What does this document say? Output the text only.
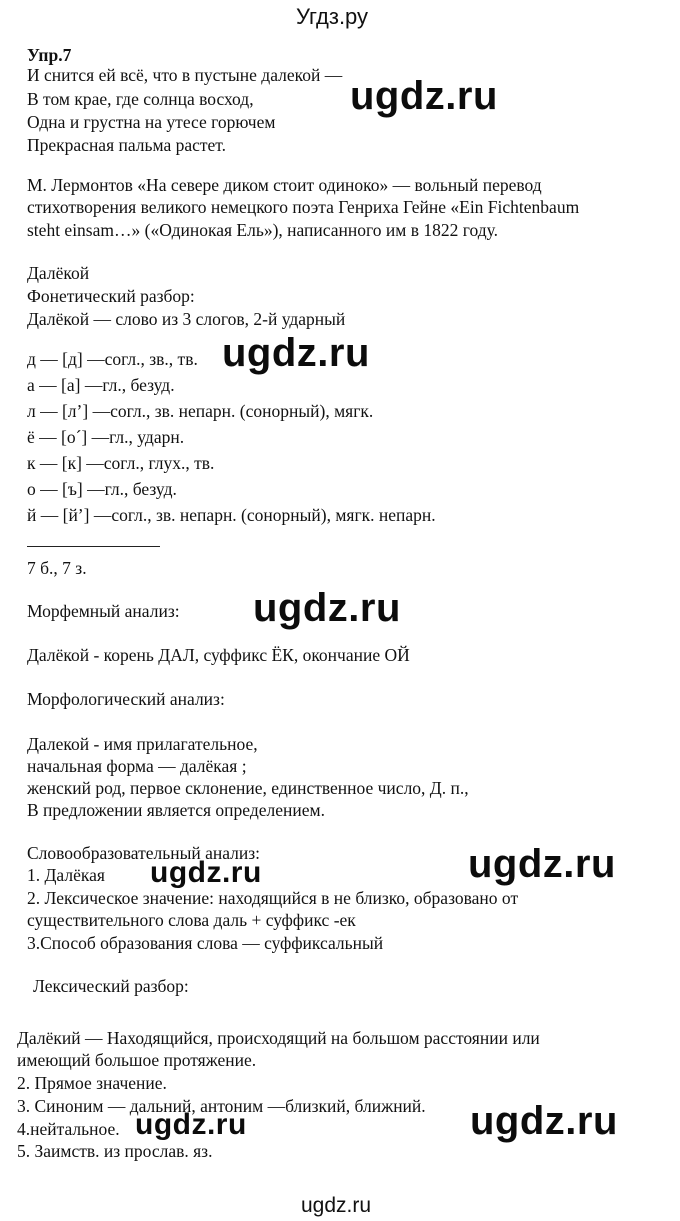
Угдз.ру
Упр.7
И снится ей всё, что в пустыне далекой —
В том крае, где солнца восход,
Одна и грустна на утесе горючем
Прекрасная пальма растет.
М. Лермонтов «На севере диком стоит одиноко» — вольный перевод
стихотворения великого немецкого поэта Генриха Гейне «Ein Fichtenbaum
steht einsam…» («Одинокая Ель»), написанного им в 1822 году.
Далёкой
Фонетический разбор:
Далёкой — слово из 3 слогов, 2-й ударный
д — [д] —согл., зв., тв.
а — [а] —гл., безуд.
л — [л’] —согл., зв. непарн. (сонорный), мягк.
ё — [о´] —гл., ударн.
к — [к] —согл., глух., тв.
о — [ъ] —гл., безуд.
й — [й’] —согл., зв. непарн. (сонорный), мягк. непарн.
7 б., 7 з.
Морфемный анализ:
Далёкой - корень ДАЛ, суффикс ЁК, окончание ОЙ
Морфологический анализ:
Далекой - имя прилагательное,
начальная форма — далёкая ;
женский род, первое склонение, единственное число, Д. п.,
В предложении является определением.
Словообразовательный анализ:
1. Далёкая
2. Лексическое значение: находящийся в не близко, образовано от
существительного слова даль + суффикс -ек
3.Способ образования слова — суффиксальный
Лексический разбор:
Далёкий — Находящийся, происходящий на большом расстоянии или
имеющий большое протяжение.
2. Прямое значение.
3. Синоним — дальний, антоним —близкий, ближний.
4.нейтальное.
5. Заимств. из прослав. яз.
ugdz.ru
ugdz.ru
ugdz.ru
ugdz.ru	ugdz.ru
ugdz.ru
ugdz.ru
ugdz.ru
